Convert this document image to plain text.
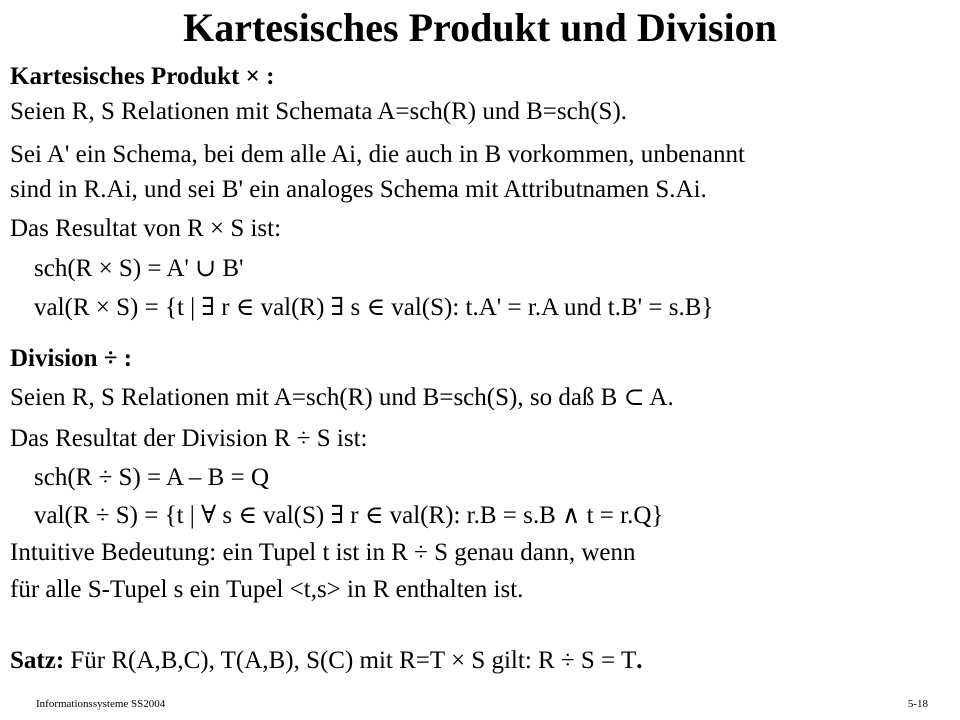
Kartesisches Produkt und Division
Kartesisches Produkt × :
Seien R, S Relationen mit Schemata A=sch(R) und B=sch(S).
Sei A' ein Schema, bei dem alle Ai, die auch in B vorkommen, unbenannt
sind in R.Ai, und sei B' ein analoges Schema mit Attributnamen S.Ai.
Das Resultat von R × S ist:
sch(R × S) = A' ∪ B'
val(R × S) = {t | ∃ r ∈ val(R) ∃ s ∈ val(S): t.A' = r.A und t.B' = s.B}
Division ÷ :
Seien R, S Relationen mit A=sch(R) und B=sch(S), so daß B ⊂ A.
Das Resultat der Division R ÷ S ist:
sch(R ÷ S) = A – B = Q
val(R ÷ S) = {t | ∀ s ∈ val(S) ∃ r ∈ val(R): r.B = s.B ∧ t = r.Q}
Intuitive Bedeutung: ein Tupel t ist in R ÷ S genau dann, wenn
für alle S-Tupel s ein Tupel <t,s> in R enthalten ist.
Satz: Für R(A,B,C), T(A,B), S(C) mit R=T × S gilt: R ÷ S = T.
Informationssysteme SS2004	5-18
